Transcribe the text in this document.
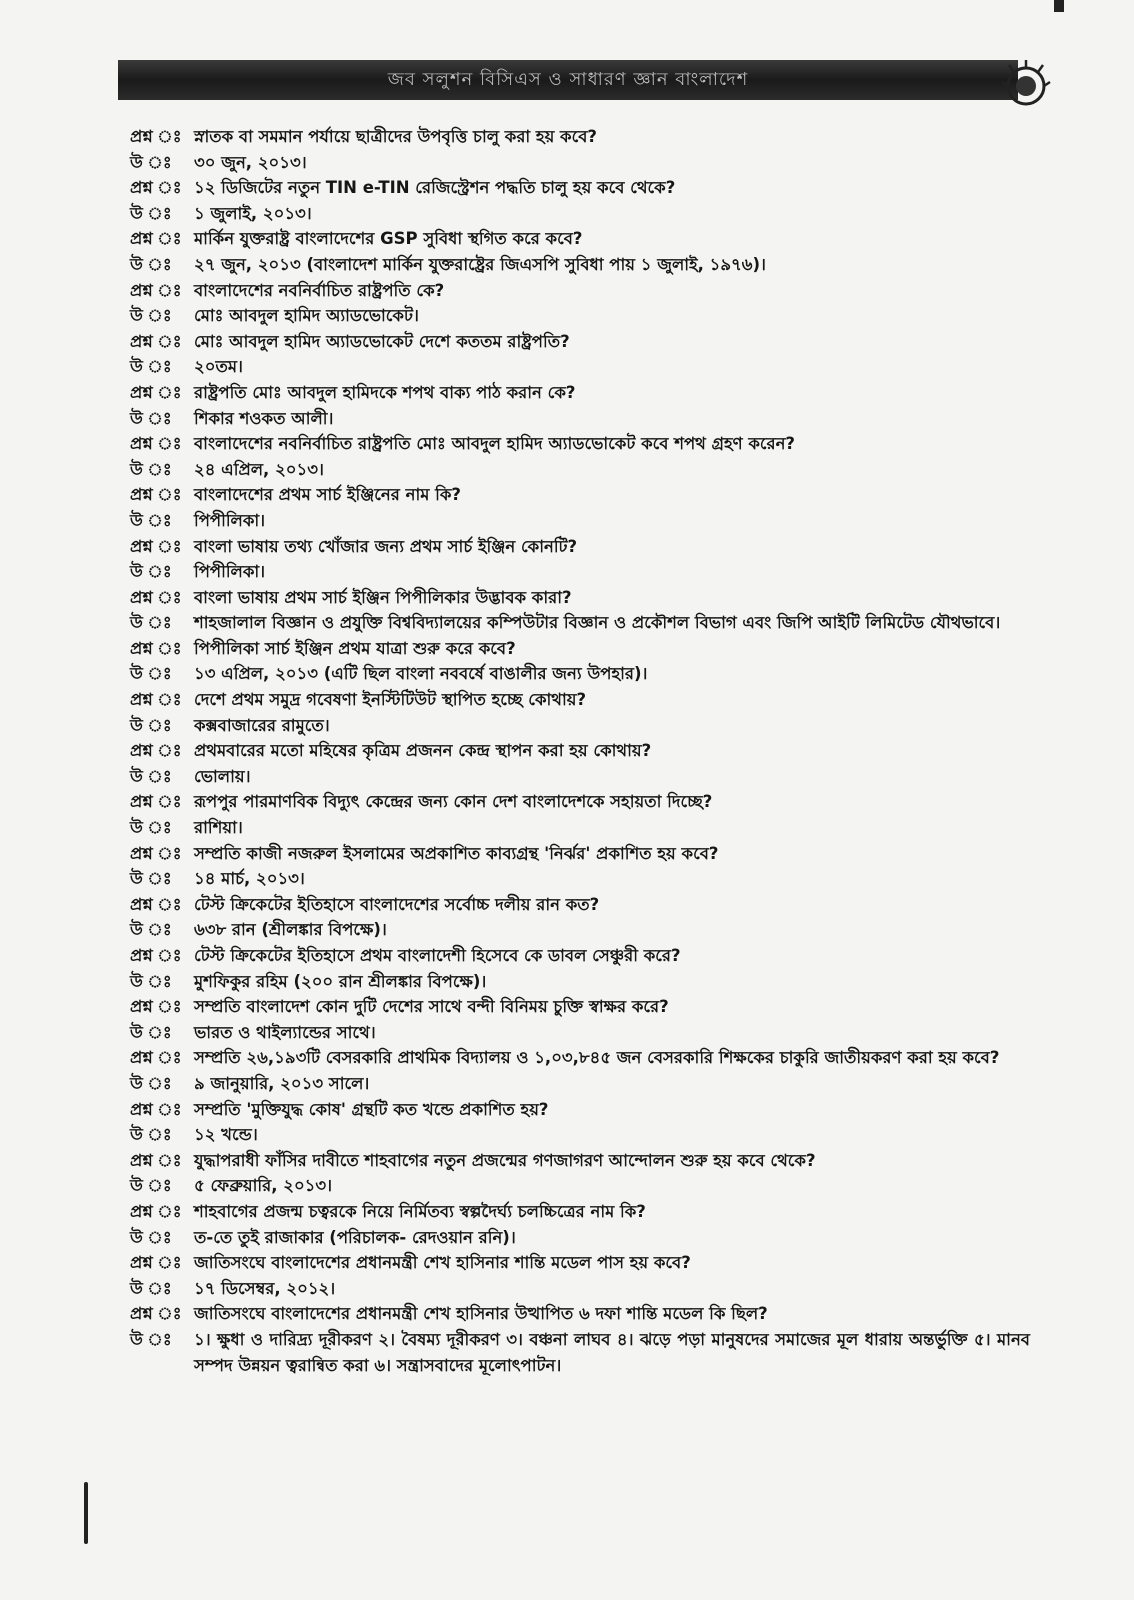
জব সলুশন বিসিএস ও সাধারণ জ্ঞান বাংলাদেশ
প্রশ্ন ঃ স্নাতক বা সমমান পর্যায়ে ছাত্রীদের উপবৃত্তি চালু করা হয় কবে?
উ ঃ	৩০ জুন, ২০১৩।
প্রশ্ন ঃ ১২ ডিজিটের নতুন TIN e-TIN রেজিস্ট্রেশন পদ্ধতি চালু হয় কবে থেকে?
উ ঃ	১ জুলাই, ২০১৩।
প্রশ্ন ঃ মার্কিন যুক্তরাষ্ট্র বাংলাদেশের GSP সুবিধা স্থগিত করে কবে?
উ ঃ	২৭ জুন, ২০১৩ (বাংলাদেশ মার্কিন যুক্তরাষ্ট্রের জিএসপি সুবিধা পায় ১ জুলাই, ১৯৭৬)।
প্রশ্ন ঃ বাংলাদেশের নবনির্বাচিত রাষ্ট্রপতি কে?
উ ঃ	মোঃ আবদুল হামিদ অ্যাডভোকেট।
প্রশ্ন ঃ মোঃ আবদুল হামিদ অ্যাডভোকেট দেশে কততম রাষ্ট্রপতি?
উ ঃ	২০তম।
প্রশ্ন ঃ রাষ্ট্রপতি মোঃ আবদুল হামিদকে শপথ বাক্য পাঠ করান কে?
উ ঃ	শিকার শওকত আলী।
প্রশ্ন ঃ বাংলাদেশের নবনির্বাচিত রাষ্ট্রপতি মোঃ আবদুল হামিদ অ্যাডভোকেট কবে শপথ গ্রহণ করেন?
উ ঃ	২৪ এপ্রিল, ২০১৩।
প্রশ্ন ঃ বাংলাদেশের প্রথম সার্চ ইঞ্জিনের নাম কি?
উ ঃ	পিপীলিকা।
প্রশ্ন ঃ বাংলা ভাষায় তথ্য খোঁজার জন্য প্রথম সার্চ ইঞ্জিন কোনটি?
উ ঃ	পিপীলিকা।
প্রশ্ন ঃ বাংলা ভাষায় প্রথম সার্চ ইঞ্জিন পিপীলিকার উদ্ভাবক কারা?
উ ঃ	শাহজালাল বিজ্ঞান ও প্রযুক্তি বিশ্ববিদ্যালয়ের কম্পিউটার বিজ্ঞান ও প্রকৌশল বিভাগ এবং জিপি আইটি লিমিটেড যৌথভাবে।
প্রশ্ন ঃ পিপীলিকা সার্চ ইঞ্জিন প্রথম যাত্রা শুরু করে কবে?
উ ঃ	১৩ এপ্রিল, ২০১৩ (এটি ছিল বাংলা নববর্ষে বাঙালীর জন্য উপহার)।
প্রশ্ন ঃ দেশে প্রথম সমুদ্র গবেষণা ইনস্টিটিউট স্থাপিত হচ্ছে কোথায়?
উ ঃ	কক্সবাজারের রামুতে।
প্রশ্ন ঃ প্রথমবারের মতো মহিষের কৃত্রিম প্রজনন কেন্দ্র স্থাপন করা হয় কোথায়?
উ ঃ	ভোলায়।
প্রশ্ন ঃ রূপপুর পারমাণবিক বিদ্যুৎ কেন্দ্রের জন্য কোন দেশ বাংলাদেশকে সহায়তা দিচ্ছে?
উ ঃ	রাশিয়া।
প্রশ্ন ঃ সম্প্রতি কাজী নজরুল ইসলামের অপ্রকাশিত কাব্যগ্রন্থ 'নির্ঝর' প্রকাশিত হয় কবে?
উ ঃ	১৪ মার্চ, ২০১৩।
প্রশ্ন ঃ টেস্ট ক্রিকেটের ইতিহাসে বাংলাদেশের সর্বোচ্চ দলীয় রান কত?
উ ঃ	৬৩৮ রান (শ্রীলঙ্কার বিপক্ষে)।
প্রশ্ন ঃ টেস্ট ক্রিকেটের ইতিহাসে প্রথম বাংলাদেশী হিসেবে কে ডাবল সেঞ্চুরী করে?
উ ঃ	মুশফিকুর রহিম (২০০ রান শ্রীলঙ্কার বিপক্ষে)।
প্রশ্ন ঃ সম্প্রতি বাংলাদেশ কোন দুটি দেশের সাথে বন্দী বিনিময় চুক্তি স্বাক্ষর করে?
উ ঃ	ভারত ও থাইল্যান্ডের সাথে।
প্রশ্ন ঃ সম্প্রতি ২৬,১৯৩টি বেসরকারি প্রাথমিক বিদ্যালয় ও ১,০৩,৮৪৫ জন বেসরকারি শিক্ষকের চাকুরি জাতীয়করণ করা হয় কবে?
উ ঃ	৯ জানুয়ারি, ২০১৩ সালে।
প্রশ্ন ঃ সম্প্রতি 'মুক্তিযুদ্ধ কোষ' গ্রন্থটি কত খন্ডে প্রকাশিত হয়?
উ ঃ	১২ খন্ডে।
প্রশ্ন ঃ যুদ্ধাপরাধী ফাঁসির দাবীতে শাহবাগের নতুন প্রজন্মের গণজাগরণ আন্দোলন শুরু হয় কবে থেকে?
উ ঃ	৫ ফেব্রুয়ারি, ২০১৩।
প্রশ্ন ঃ শাহবাগের প্রজন্ম চত্বরকে নিয়ে নির্মিতব্য স্বল্পদৈর্ঘ্য চলচ্চিত্রের নাম কি?
উ ঃ	ত-তে তুই রাজাকার (পরিচালক- রেদওয়ান রনি)।
প্রশ্ন ঃ জাতিসংঘে বাংলাদেশের প্রধানমন্ত্রী শেখ হাসিনার শান্তি মডেল পাস হয় কবে?
উ ঃ	১৭ ডিসেম্বর, ২০১২।
প্রশ্ন ঃ জাতিসংঘে বাংলাদেশের প্রধানমন্ত্রী শেখ হাসিনার উত্থাপিত ৬ দফা শান্তি মডেল কি ছিল?
উ ঃ	১। ক্ষুধা ও দারিদ্র্য দূরীকরণ ২। বৈষম্য দূরীকরণ ৩। বঞ্চনা লাঘব ৪। ঝড়ে পড়া মানুষদের সমাজের মূল ধারায় অন্তর্ভুক্তি ৫। মানব সম্পদ উন্নয়ন ত্বরান্বিত করা ৬। সন্ত্রাসবাদের মূলোৎপাটন।
